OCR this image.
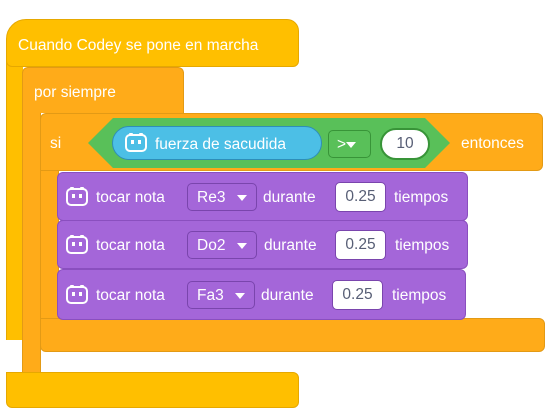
Cuando Codey se pone en marcha
por siempre
si	entonces
fuerza de sacudida	>	10
tocar nota Re3 durante	0.25	tiempos
tocar nota Do2 durante	0.25	tiempos
tocar nota Fa3 durante	0.25	tiempos
